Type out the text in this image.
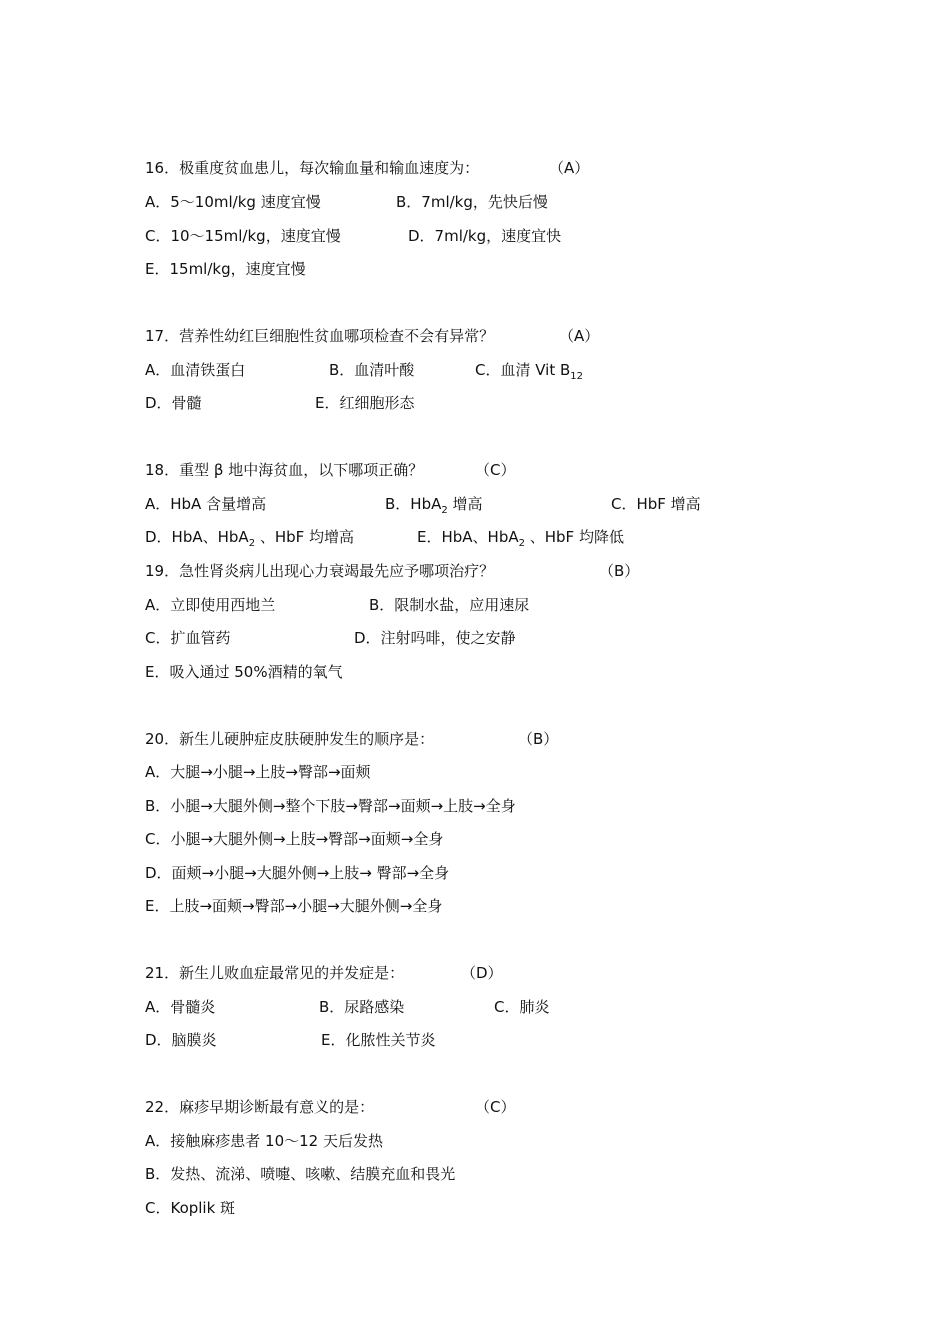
16．极重度贫血患儿，每次输血量和输血速度为：	（A）
A．5～10ml/kg 速度宜慢	B．7ml/kg，先快后慢
C．10～15ml/kg，速度宜慢	D．7ml/kg，速度宜快
E．15ml/kg，速度宜慢
17．营养性幼红巨细胞性贫血哪项检查不会有异常？	（A）
A．血清铁蛋白	B．血清叶酸	C．血清 Vit $B_{12}$
D．骨髓	E．红细胞形态
18．重型 β 地中海贫血，以下哪项正确？	（C）
A．HbA 含量增高	B．HbA$_2$ 增高	C．HbF 增高
D．HbA、HbA$_2$ 、HbF 均增高	E．HbA、HbA$_2$ 、HbF 均降低
19．急性肾炎病儿出现心力衰竭最先应予哪项治疗？	（B）
A．立即使用西地兰	B．限制水盐，应用速尿
C．扩血管药	D．注射吗啡，使之安静
E．吸入通过 50%酒精的氧气
20．新生儿硬肿症皮肤硬肿发生的顺序是：	（B）
A．大腿→小腿→上肢→臀部→面颊
B．小腿→大腿外侧→整个下肢→臀部→面颊→上肢→全身
C．小腿→大腿外侧→上肢→臀部→面颊→全身
D．面颊→小腿→大腿外侧→上肢→ 臀部→全身
E．上肢→面颊→臀部→小腿→大腿外侧→全身
21．新生儿败血症最常见的并发症是：	（D）
A．骨髓炎	B．尿路感染	C．肺炎
D．脑膜炎	E．化脓性关节炎
22．麻疹早期诊断最有意义的是：	（C）
A．接触麻疹患者 10～12 天后发热
B．发热、流涕、喷嚏、咳嗽、结膜充血和畏光
C．Koplik 斑
